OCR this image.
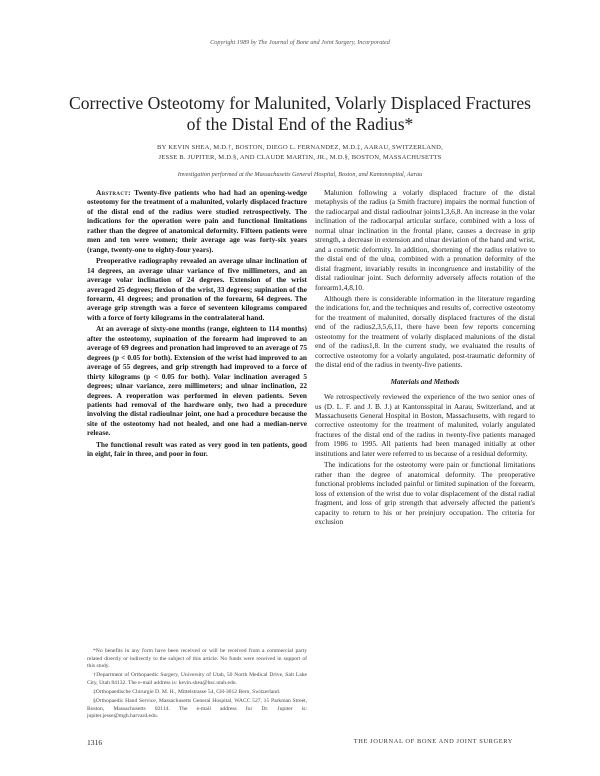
Copyright 1989 by The Journal of Bone and Joint Surgery, Incorporated
Corrective Osteotomy for Malunited, Volarly Displaced Fractures of the Distal End of the Radius*
BY KEVIN SHEA, M.D.†, BOSTON, DIEGO L. FERNANDEZ, M.D.‡, AARAU, SWITZERLAND,
JESSE B. JUPITER, M.D.§, AND CLAUDE MARTIN, JR., M.D.§, BOSTON, MASSACHUSETTS
Investigation performed at the Massachusetts General Hospital, Boston, and Kantonsspital, Aarau

Abstract: Twenty-five patients who had had an opening-wedge osteotomy for the treatment of a malunited, volarly displaced fracture of the distal end of the radius were studied retrospectively. The indications for the operation were pain and functional limitations rather than the degree of anatomical deformity. Fifteen patients were men and ten were women; their average age was forty-six years (range, twenty-one to eighty-four years).

Preoperative radiography revealed an average ulnar inclination of 14 degrees, an average ulnar variance of five millimeters, and an average volar inclination of 24 degrees. Extension of the wrist averaged 25 degrees; flexion of the wrist, 33 degrees; supination of the forearm, 41 degrees; and pronation of the forearm, 64 degrees. The average grip strength was a force of seventeen kilograms compared with a force of forty kilograms in the contralateral hand.

At an average of sixty-one months (range, eighteen to 114 months) after the osteotomy, supination of the forearm had improved to an average of 69 degrees and pronation had improved to an average of 75 degrees (p < 0.05 for both). Extension of the wrist had improved to an average of 55 degrees, and grip strength had improved to a force of thirty kilograms (p < 0.05 for both). Volar inclination averaged 5 degrees; ulnar variance, zero millimeters; and ulnar inclination, 22 degrees. A reoperation was performed in eleven patients. Seven patients had removal of the hardware only, two had a procedure involving the distal radioulnar joint, one had a procedure because the site of the osteotomy had not healed, and one had a median-nerve release.

The functional result was rated as very good in ten patients, good in eight, fair in three, and poor in four.

Malunion following a volarly displaced fracture of the distal metaphysis of the radius (a Smith fracture) impairs the normal function of the radiocarpal and distal radioulnar joints1,3,6,8. An increase in the volar inclination of the radiocarpal articular surface, combined with a loss of normal ulnar inclination in the frontal plane, causes a decrease in grip strength, a decrease in extension and ulnar deviation of the hand and wrist, and a cosmetic deformity. In addition, shortening of the radius relative to the distal end of the ulna, combined with a pronation deformity of the distal fragment, invariably results in incongruence and instability of the distal radioulnar joint. Such deformity adversely affects rotation of the forearm1,4,8,10.

Although there is considerable information in the literature regarding the indications for, and the techniques and results of, corrective osteotomy for the treatment of malunited, dorsally displaced fractures of the distal end of the radius2,3,5,6,11, there have been few reports concerning osteotomy for the treatment of volarly displaced malunions of the distal end of the radius1,8. In the current study, we evaluated the results of corrective osteotomy for a volarly angulated, post-traumatic deformity of the distal end of the radius in twenty-five patients.

Materials and Methods

We retrospectively reviewed the experience of the two senior ones of us (D. L. F. and J. B. J.) at Kantonsspital in Aarau, Switzerland, and at Massachusetts General Hospital in Boston, Massachusetts, with regard to corrective osteotomy for the treatment of malunited, volarly angulated fractures of the distal end of the radius in twenty-five patients managed from 1986 to 1995. All patients had been managed initially at other institutions and later were referred to us because of a residual deformity.

The indications for the osteotomy were pain or functional limitations rather than the degree of anatomical deformity. The preoperative functional problems included painful or limited supination of the forearm, loss of extension of the wrist due to volar displacement of the distal radial fragment, and loss of grip strength that adversely affected the patient's capacity to return to his or her preinjury occupation. The criteria for exclusion

*No benefits in any form have been received or will be received from a commercial party related directly or indirectly to the subject of this article. No funds were received in support of this study.

†Department of Orthopaedic Surgery, University of Utah, 50 North Medical Drive, Salt Lake City, Utah 84132. The e-mail address is: kevin.shea@hsc.utah.edu.

‡Orthopaedische Chirurgie D. M. H., Mittelstrasse 54, CH-3012 Bern, Switzerland.

§Orthopaedic Hand Service, Massachusetts General Hospital, WACC 527, 15 Parkman Street, Boston, Massachusetts 02114. The e-mail address for Dr. Jupiter is: jupiter.jesse@mgh.harvard.edu.

1316	THE JOURNAL OF BONE AND JOINT SURGERY
